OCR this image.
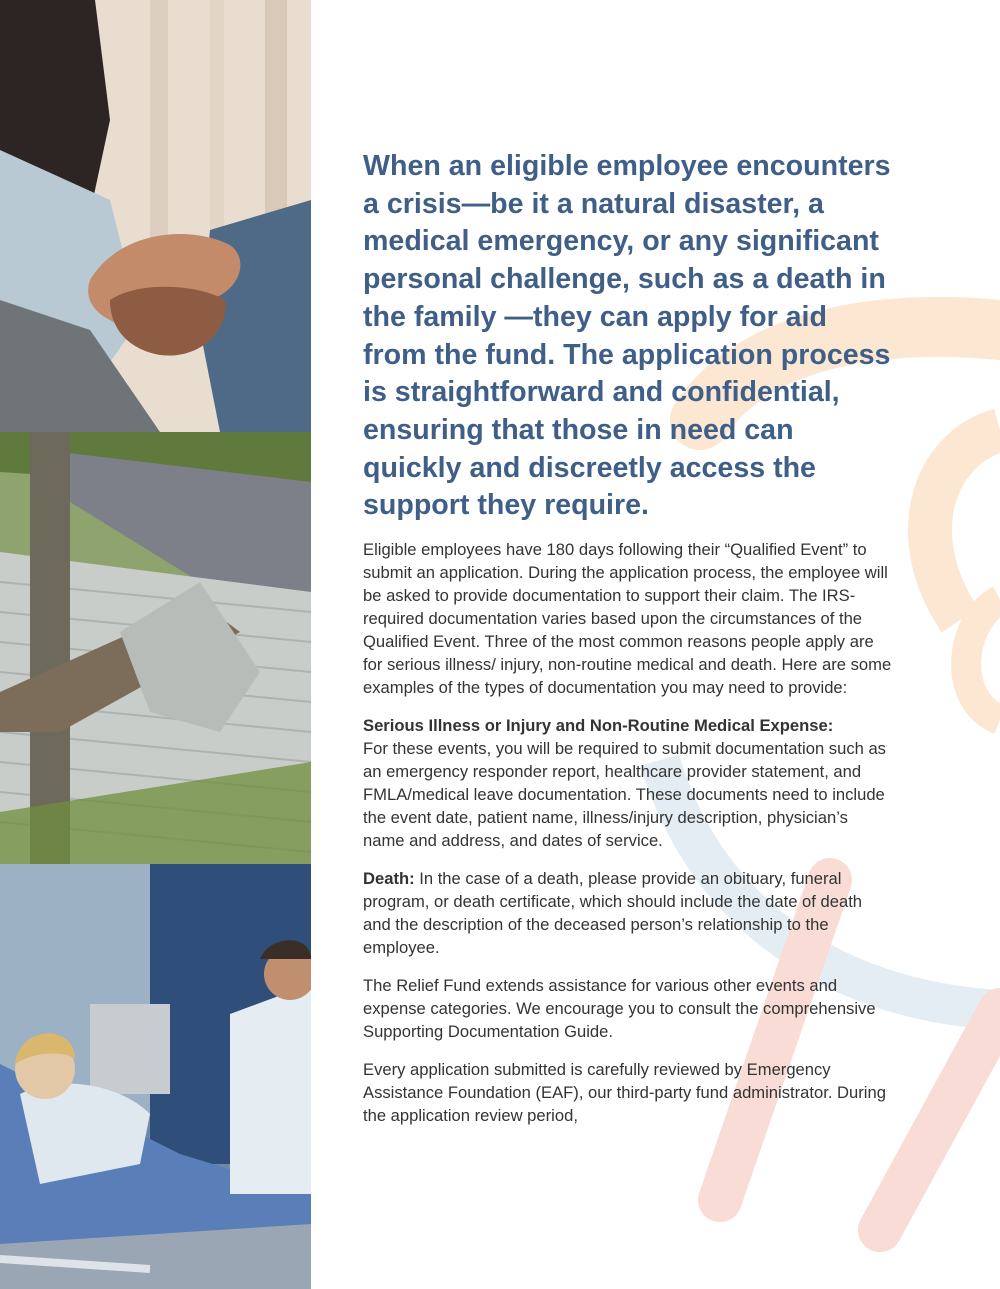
When an eligible employee encounters a crisis—be it a natural disaster, a medical emergency, or any significant personal challenge, such as a death in the family —they can apply for aid from the fund. The application process is straightforward and confidential, ensuring that those in need can quickly and discreetly access the support they require.

Eligible employees have 180 days following their “Qualified Event” to submit an application. During the application process, the employee will be asked to provide documentation to support their claim. The IRS-required documentation varies based upon the circumstances of the Qualified Event. Three of the most common reasons people apply are for serious illness/ injury, non-routine medical and death. Here are some examples of the types of documentation you may need to provide:

Serious Illness or Injury and Non-Routine Medical Expense:
For these events, you will be required to submit documentation such as an emergency responder report, healthcare provider statement, and FMLA/medical leave documentation. These documents need to include the event date, patient name, illness/injury description, physician’s name and address, and dates of service.

Death: In the case of a death, please provide an obituary, funeral program, or death certificate, which should include the date of death and the description of the deceased person’s relationship to the employee.

The Relief Fund extends assistance for various other events and expense categories. We encourage you to consult the comprehensive Supporting Documentation Guide.

Every application submitted is carefully reviewed by Emergency Assistance Foundation (EAF), our third-party fund administrator. During the application review period,
